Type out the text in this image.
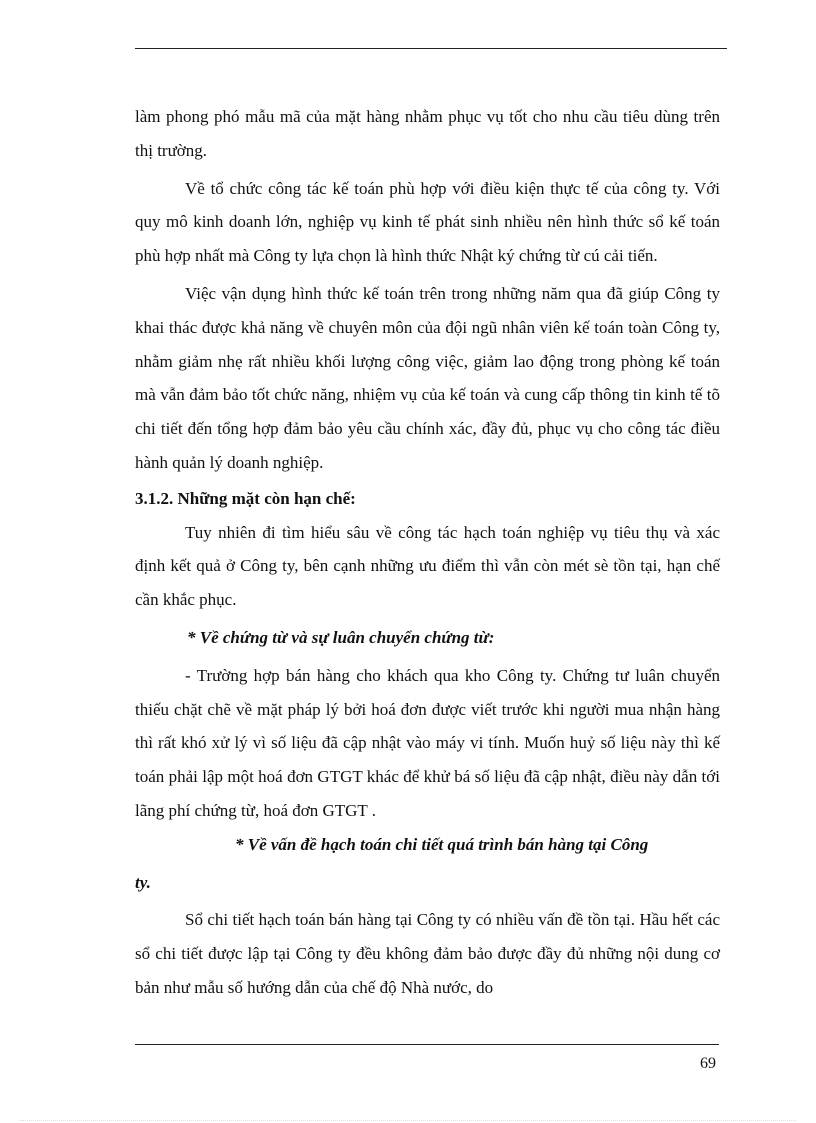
làm phong phó mẫu mã của mặt hàng nhằm phục vụ tốt cho nhu cầu tiêu dùng trên thị trường.

Về tổ chức công tác kế toán phù hợp với điều kiện thực tế của công ty. Với quy mô kinh doanh lớn, nghiệp vụ kinh tế phát sinh nhiều nên hình thức sổ kế toán phù hợp nhất mà Công ty lựa chọn là hình thức Nhật ký chứng từ cú cải tiến.

Việc vận dụng hình thức kế toán trên trong những năm qua đã giúp Công ty khai thác được khả năng về chuyên môn của đội ngũ nhân viên kế toán toàn Công ty, nhằm giảm nhẹ rất nhiều khối lượng công việc, giảm lao động trong phòng kế toán mà vẫn đảm bảo tốt chức năng, nhiệm vụ của kế toán và cung cấp thông tin kinh tế tõ chi tiết đến tổng hợp đảm bảo yêu cầu chính xác, đầy đủ, phục vụ cho công tác điều hành quản lý doanh nghiệp.

3.1.2. Những mặt còn hạn chế:

Tuy nhiên đi tìm hiểu sâu về công tác hạch toán nghiệp vụ tiêu thụ và xác định kết quả ở Công ty, bên cạnh những ưu điểm thì vẫn còn mét sè tồn tại, hạn chế cần khắc phục.

* Về chứng từ và sự luân chuyển chứng từ:

- Trường hợp bán hàng cho khách qua kho Công ty. Chứng tư luân chuyển thiếu chặt chẽ về mặt pháp lý bởi hoá đơn được viết trước khi người mua nhận hàng thì rất khó xử lý vì số liệu đã cập nhật vào máy vi tính. Muốn huỷ số liệu này thì kế toán phải lập một hoá đơn GTGT khác để khử bá số liệu đã cập nhật, điều này dẫn tới lãng phí chứng từ, hoá đơn GTGT .

* Về vấn đề hạch toán chi tiết quá trình bán hàng tại Công

ty.

Sổ chi tiết hạch toán bán hàng tại Công ty có nhiều vấn đề tồn tại. Hầu hết các sổ chi tiết được lập tại Công ty đều không đảm bảo được đầy đủ những nội dung cơ bản như mẫu số hướng dẫn của chế độ Nhà nước, do

69
